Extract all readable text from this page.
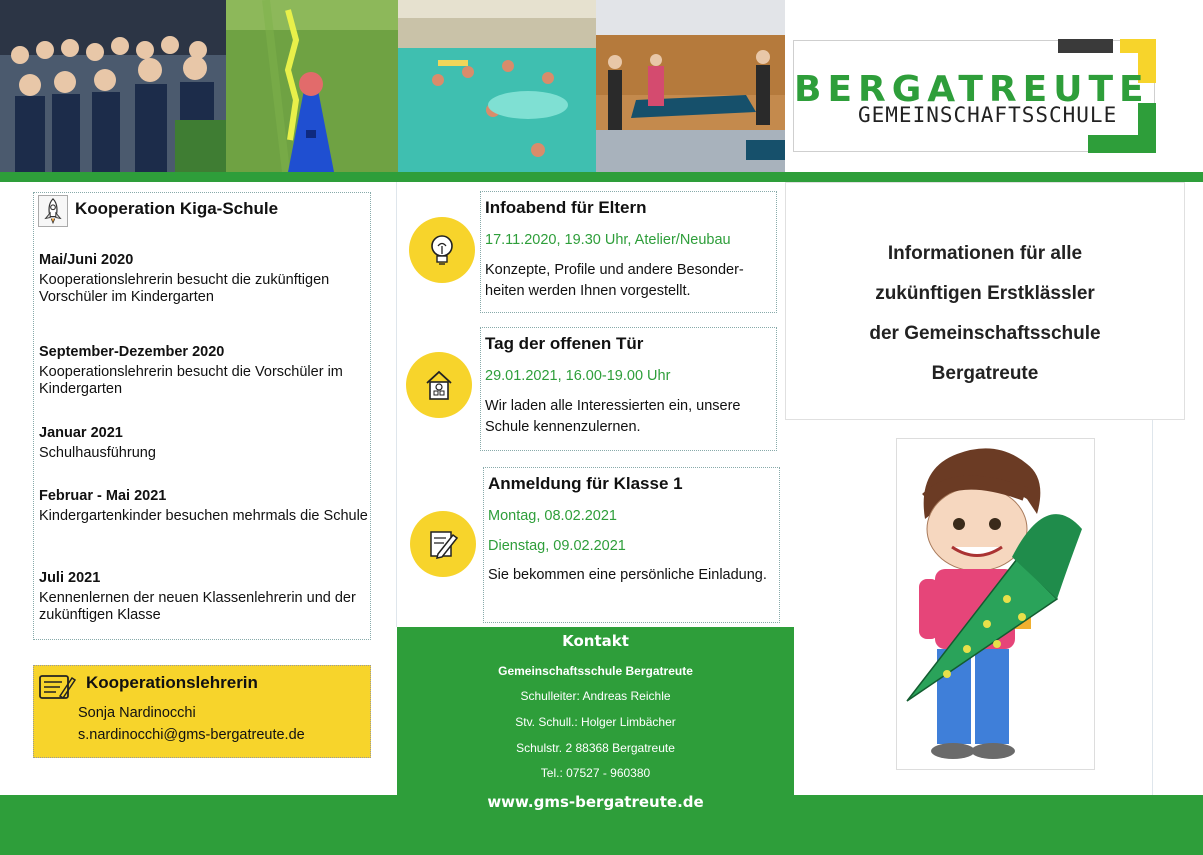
BERGATREUTE
GEMEINSCHAFTSSCHULE
Kooperation Kiga-Schule
Mai/Juni 2020
Kooperationslehrerin besucht die zukünftigen Vorschüler im Kindergarten
September-Dezember 2020
Kooperationslehrerin besucht die Vorschüler im Kindergarten
Januar 2021
Schulhausführung
Februar - Mai 2021
Kindergartenkinder besuchen mehrmals die Schule
Juli 2021
Kennenlernen der neuen Klassenlehrerin und der zukünftigen Klasse
Kooperationslehrerin
Sonja Nardinocchi
s.nardinocchi@gms-bergatreute.de
Infoabend für Eltern
17.11.2020, 19.30 Uhr, Atelier/Neubau
Konzepte, Profile und andere Besonder-heiten werden Ihnen vorgestellt.
Tag der offenen Tür
29.01.2021, 16.00-19.00 Uhr
Wir laden alle Interessierten ein, unsere Schule kennenzulernen.
Anmeldung für Klasse 1
Montag, 08.02.2021
Dienstag, 09.02.2021
Sie bekommen eine persönliche Einladung.
Kontakt
Gemeinschaftsschule Bergatreute
Schulleiter: Andreas Reichle
Stv. Schull.: Holger Limbächer
Schulstr. 2 88368 Bergatreute
Tel.: 07527 - 960380
www.gms-bergatreute.de
Informationen für alle
zukünftigen Erstklässler
der Gemeinschaftsschule
Bergatreute
